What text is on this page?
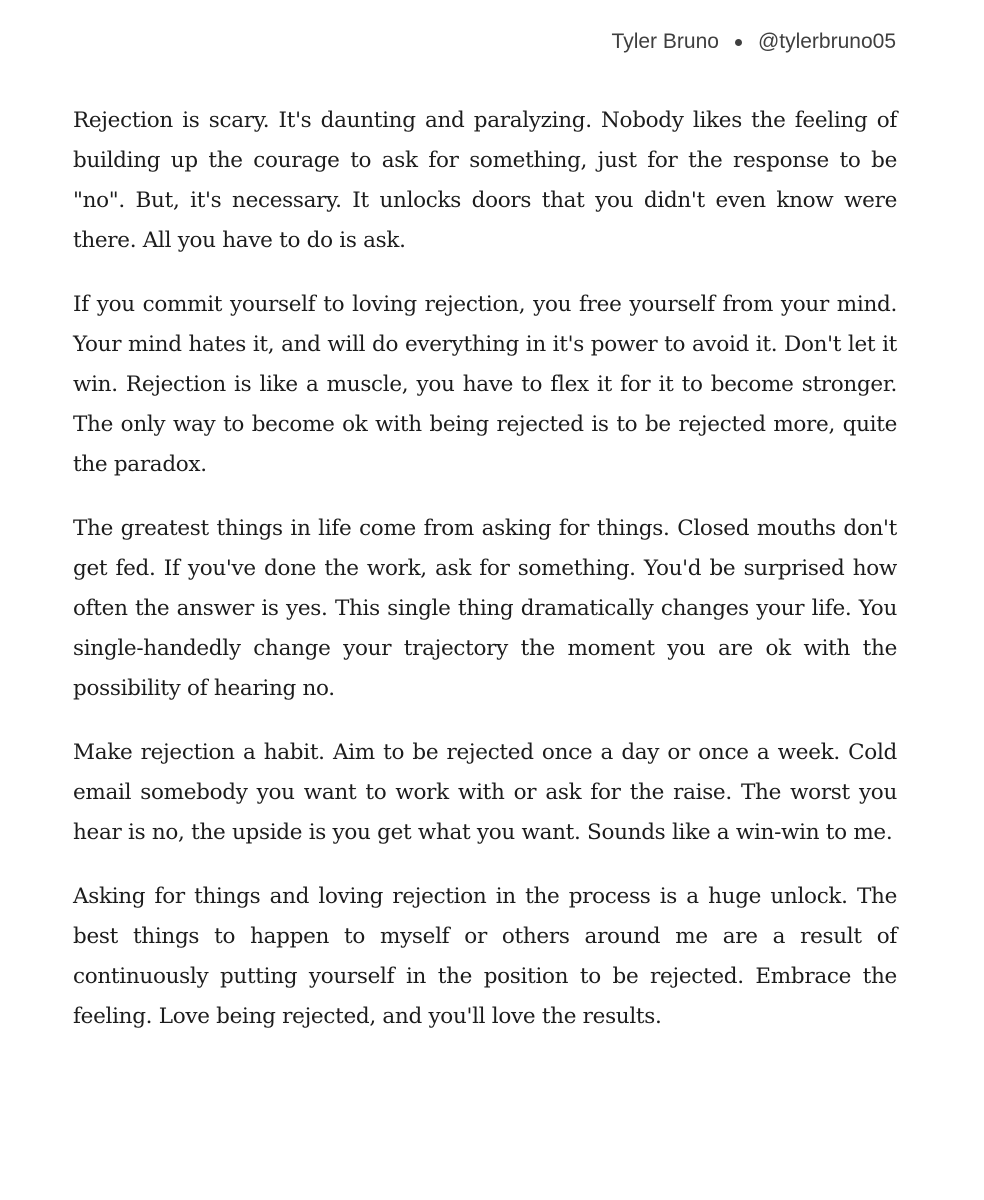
Tyler Bruno @tylerbruno05

Rejection is scary. It's daunting and paralyzing. Nobody likes the feeling of building up the courage to ask for something, just for the response to be "no". But, it's necessary. It unlocks doors that you didn't even know were there. All you have to do is ask.

If you commit yourself to loving rejection, you free yourself from your mind. Your mind hates it, and will do everything in it's power to avoid it. Don't let it win. Rejection is like a muscle, you have to flex it for it to become stronger. The only way to become ok with being rejected is to be rejected more, quite the paradox.

The greatest things in life come from asking for things. Closed mouths don't get fed. If you've done the work, ask for something. You'd be surprised how often the answer is yes. This single thing dramatically changes your life. You single-handedly change your trajectory the moment you are ok with the possibility of hearing no.

Make rejection a habit. Aim to be rejected once a day or once a week. Cold email somebody you want to work with or ask for the raise. The worst you hear is no, the upside is you get what you want. Sounds like a win-win to me.

Asking for things and loving rejection in the process is a huge unlock. The best things to happen to myself or others around me are a result of continuously putting yourself in the position to be rejected. Embrace the feeling. Love being rejected, and you'll love the results.
